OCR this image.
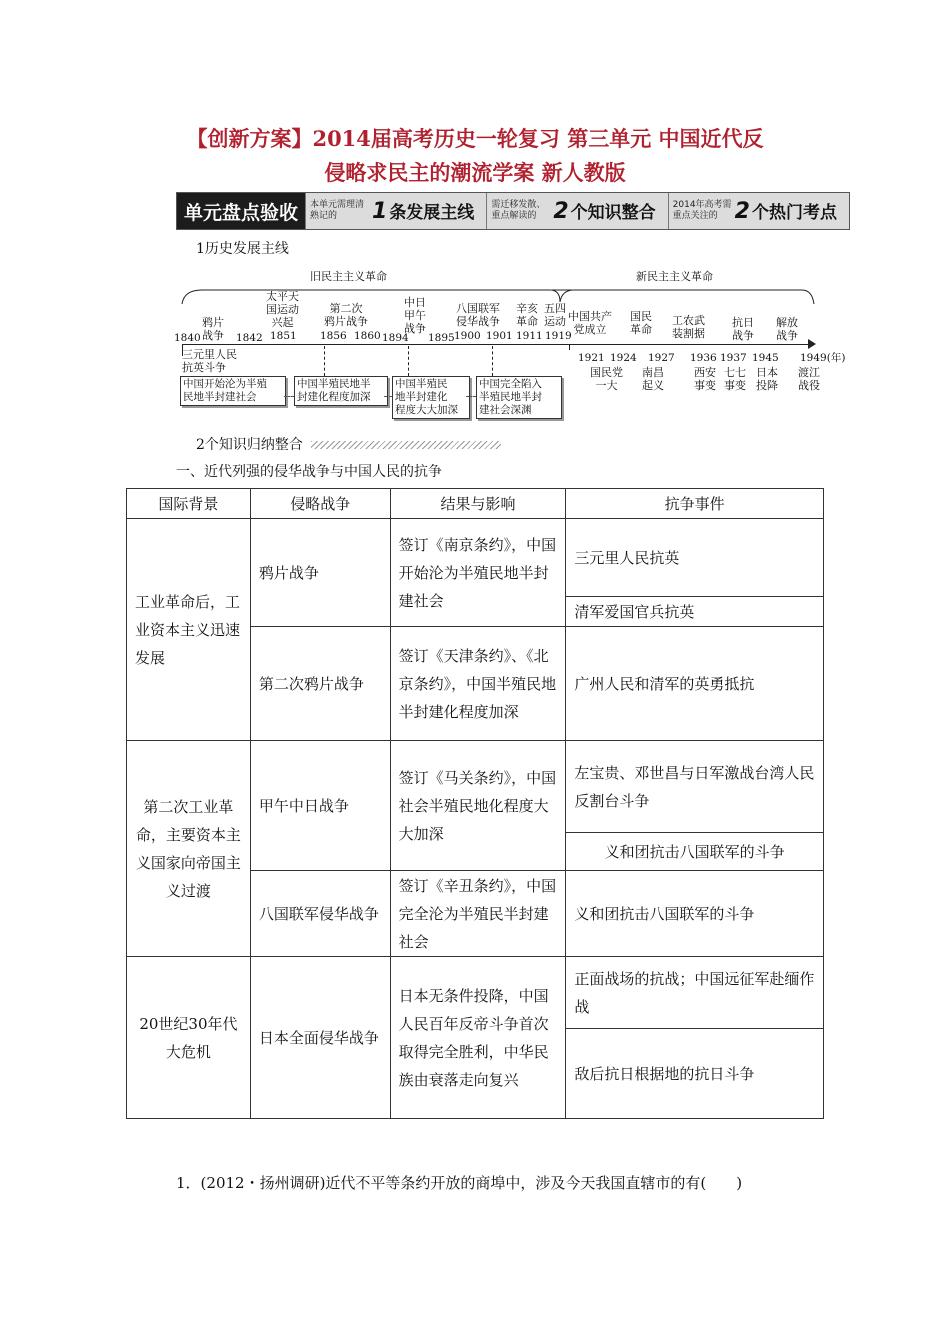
【创新方案】2014届高考历史一轮复习 第三单元 中国近代反
侵略求民主的潮流学案 新人教版
单元盘点验收	本单元需理清熟记的	1 条发展主线	需迁移发散、重点解读的 2 个知识整合	2014年高考需重点关注的 2 个热门考点
1历史发展主线
旧民主主义革命	新民主主义革命
鸦片
战争
太平天
国运动
兴起
第二次
鸦片战争
中日
甲午
战争
八国联军
侵华战争
辛亥
革命
五四
运动 中国共产
党成立
国民
革命
工农武
装割据
抗日
战争
解放
战争
1840	1842 1851 1856 1860 1894 1895 1900 1901 1911 1919
1921 1924 1927 1936 1937 1945 1949(年)
三元里人民
抗英斗争	国民党
一大
南昌
起义
西安
事变
七七
事变
日本
投降
渡江
战役
中国开始沦为半殖
民地半封建社会
中国半殖民地半
封建化程度加深
中国半殖民
地半封建化
程度大大加深
中国完全陷入
半殖民地半封
建社会深渊
2个知识归纳整合
一、近代列强的侵华战争与中国人民的抗争
国际背景	侵略战争	结果与影响	抗争事件
工业革命后，工业资本主义迅速发展	鸦片战争	签订《南京条约》，中国开始沦为半殖民地半封建社会	三元里人民抗英
			清军爱国官兵抗英
	第二次鸦片战争	签订《天津条约》、《北京条约》，中国半殖民地半封建化程度加深	广州人民和清军的英勇抵抗
第二次工业革命，主要资本主义国家向帝国主义过渡	甲午中日战争	签订《马关条约》，中国社会半殖民地化程度大大加深	左宝贵、邓世昌与日军激战台湾人民反割台斗争
			义和团抗击八国联军的斗争
	八国联军侵华战争	签订《辛丑条约》，中国完全沦为半殖民半封建社会	义和团抗击八国联军的斗争
20世纪30年代大危机	日本全面侵华战争	日本无条件投降，中国人民百年反帝斗争首次取得完全胜利，中华民族由衰落走向复兴	正面战场的抗战；中国远征军赴缅作战
			敌后抗日根据地的抗日斗争
1．(2012・扬州调研)近代不平等条约开放的商埠中，涉及今天我国直辖市的有(　　)
